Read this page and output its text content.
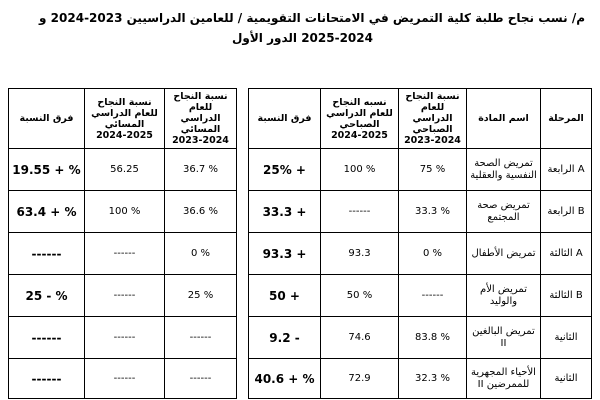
م/ نسب نجاح طلبة كلية التمريض في الامتحانات التقويمية / للعامين الدراسيين 2023-2024 و
2025-2024 الدور الأول
فرق النسبة	نسبة النجاح للعام الدراسي المسائي 2025-2024	نسبة النجاح للعام الدراسي المسائي 2024-2023		فرق النسبة	نسبه النجاح للعام الدراسي الصباحي 2025-2024	نسبة النجاح للعام الدراسي الصباحي 2024-2023	اسم المادة	المرحلة
19.55 + %	56.25	36.7 %		25% +	100 %	75 %	تمريض الصحة النفسية والعقلية	الرابعة A
63.4 + %	100 %	36.6 %		33.3 +	------	33.3 %	تمريض صحة المجتمع	الرابعة B
------	------	0 %		93.3 +	93.3	0 %	تمريض الأطفال	الثالثة A
25 - %	------	25 %		50 +	50 %	------	تمريض الأم والوليد	الثالثة B
------	------	------		9.2 -	74.6	83.8 %	تمريض البالغين II	الثانية
------	------	------		40.6 + %	72.9	32.3 %	الأحياء المجهرية للممرضين II	الثانية
